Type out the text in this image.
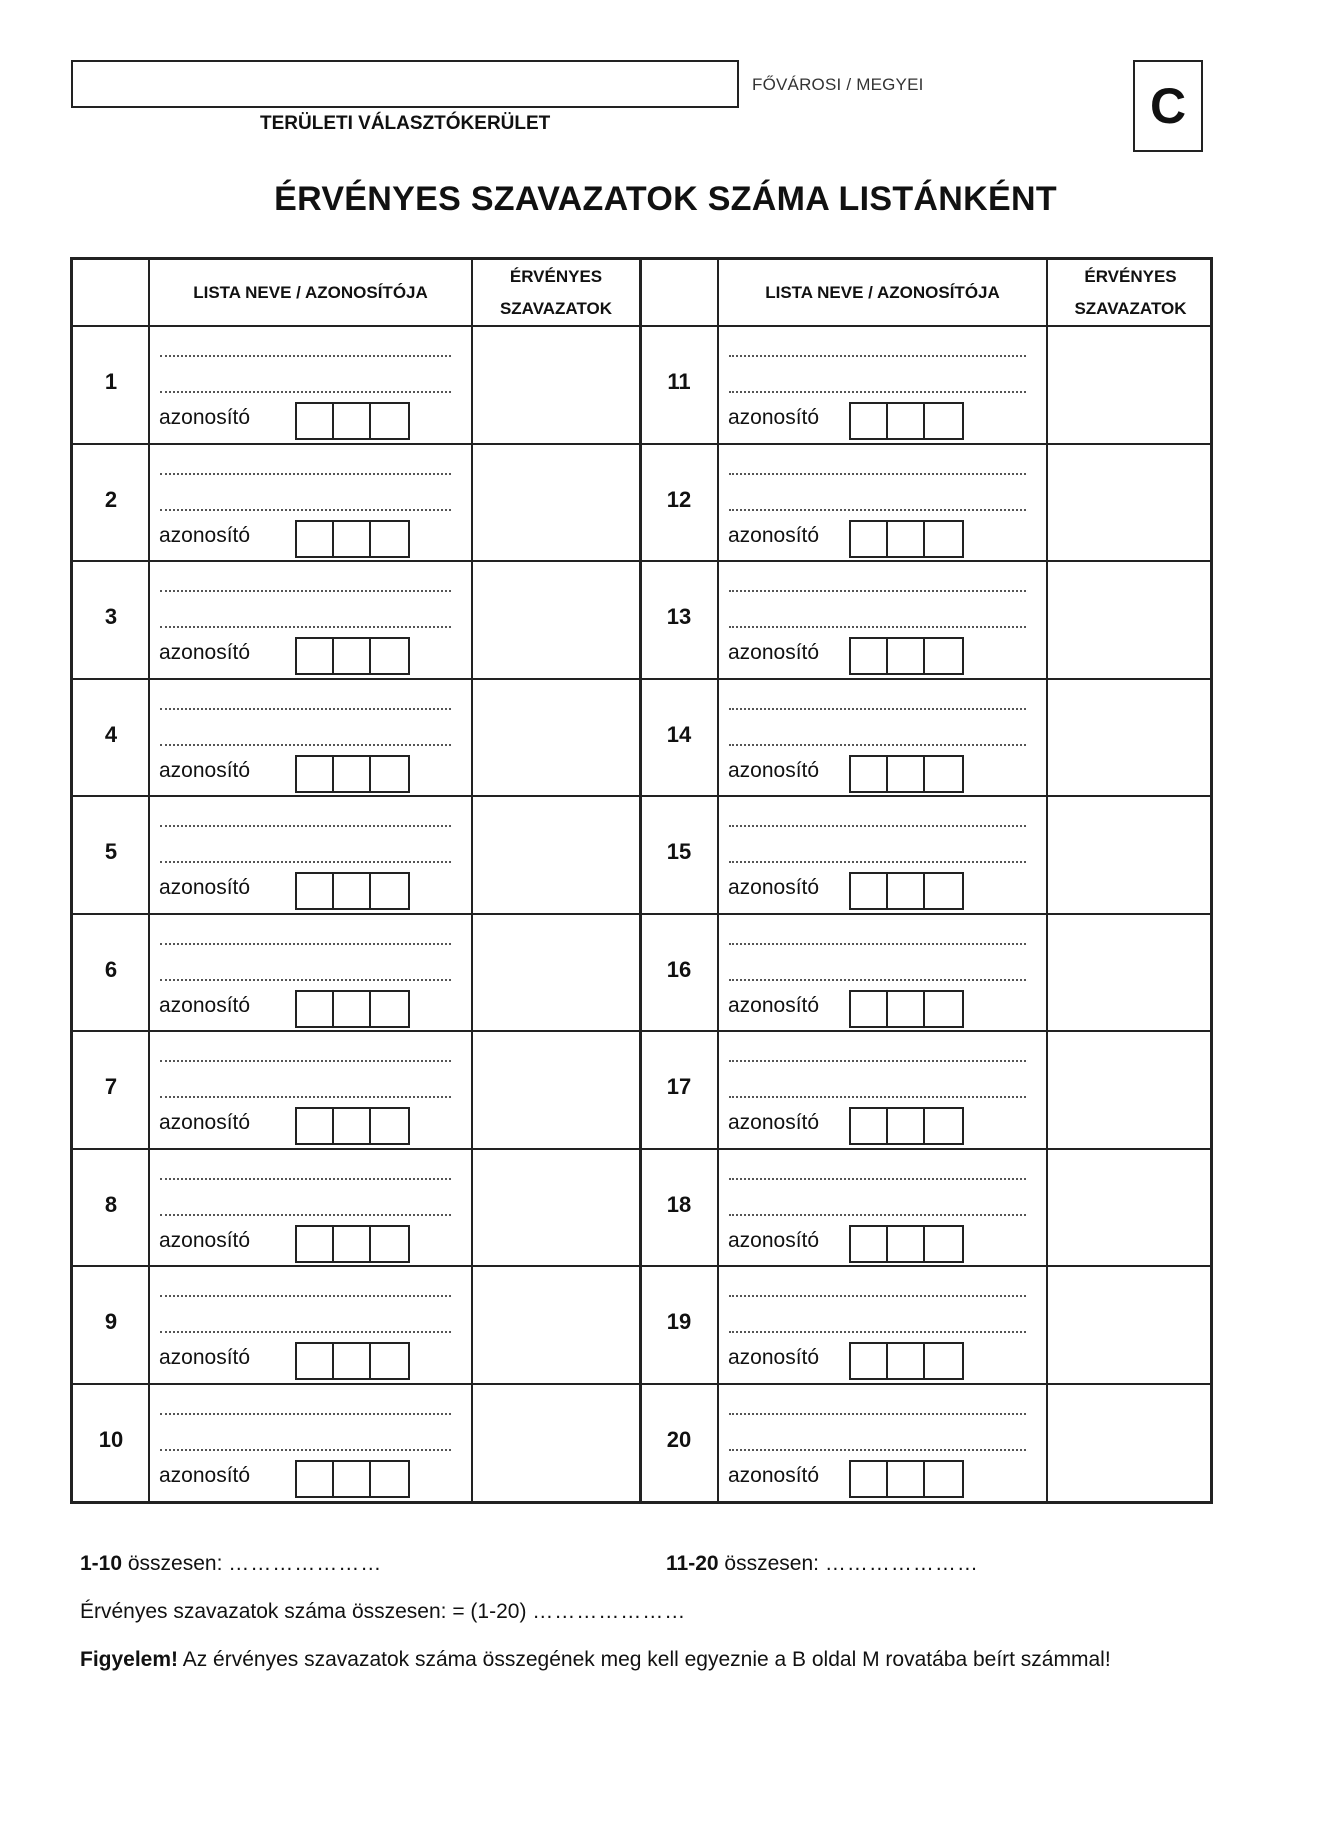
FŐVÁROSI / MEGYEI
TERÜLETI VÁLASZTÓKERÜLET	C
ÉRVÉNYES SZAVAZATOK SZÁMA LISTÁNKÉNT
LISTA NEVE / AZONOSÍTÓJA
ÉRVÉNYES
SZAVAZATOK
LISTA NEVE / AZONOSÍTÓJA
ÉRVÉNYES
SZAVAZATOK
1
azonosító
11
azonosító
2
azonosító
12
azonosító
3
azonosító
13
azonosító
4
azonosító
14
azonosító
5
azonosító
15
azonosító
6
azonosító
16
azonosító
7
azonosító
17
azonosító
8
azonosító
18
azonosító
9
azonosító
19
azonosító
10
azonosító
20
azonosító
1-10 összesen: …………………	11-20 összesen: …………………
Érvényes szavazatok száma összesen: = (1-20) …………………
Figyelem! Az érvényes szavazatok száma összegének meg kell egyeznie a B oldal M rovatába beírt számmal!
